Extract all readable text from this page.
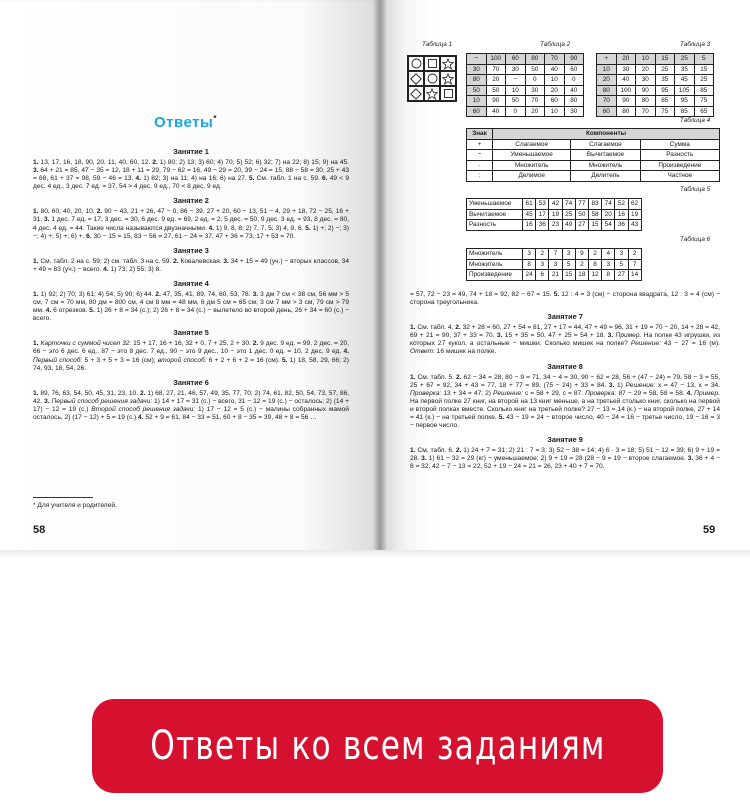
Ответы*
Занятие 1
1. 13, 17, 16, 18, 90, 20, 11, 40, 60, 12. 2. 1) 80; 2) 13; 3) 60; 4) 70; 5) 52; 6) 32; 7) на 22; 8) 15; 9) на 45. 3. 64 + 21 = 85, 47 − 35 = 12, 18 + 11 = 29, 79 − 62 = 16, 49 − 29 = 20, 39 − 24 = 15, 88 − 58 = 30, 25 + 43 = 68, 61 + 37 = 98, 59 − 46 = 13. 4. 1) 82; 3) на 11; 4) на 16; 6) на 27. 5. См. табл. 1 на с. 59. 6. 49 < 9 дес. 4 ед., 3 дес. 7 ед. = 37, 54 > 4 дес. 9 ед., 70 < 8 дес. 9 ед.
Занятие 2
1. 80, 60, 40, 20, 10. 2. 90 − 43, 21 + 26, 47 − 0, 86 − 39, 27 + 20, 60 − 13, 51 − 4, 29 + 18, 72 − 25, 16 + 31. 3. 1 дес. 7 ед. = 17, 3 дес. = 30, 6 дес. 9 ед. = 69, 2 ед. = 2, 5 дес. = 50, 9 дес. 3 ед. = 93, 8 дес. = 80, 4 дес. 4 ед. = 44. Такие числа называются двузначными. 4. 1) 9, 8, 8; 2) 7, 7, 5; 3) 4, 9, 6. 5. 1) +; 2) −; 3) −; 4) +; 5) +; 6) +. 6. 30 − 15 = 15, 83 − 56 = 27, 61 − 24 = 37, 47 + 36 = 73, 17 + 53 = 70.
Занятие 3
1. См. табл. 2 на с. 59; 2) см. табл. 3 на с. 59. 2. Ковалевская. 3. 34 + 15 = 49 (уч.) − вторых классов, 34 + 49 = 83 (уч.) − всего. 4. 1) 73; 2) 55; 3) 8.
Занятие 4
1. 1) 92; 2) 70; 3) 61; 4) 54; 5) 90; 6) 44. 2. 47, 35, 41, 89, 74, 60, 53, 78. 3. 3 дм 7 см < 38 см, 56 мм > 5 см, 7 см = 70 мм, 80 дм = 800 см, 4 см 8 мм = 48 мм, 6 дм 5 см = 65 см, 3 см 7 мм > 3 см, 79 см > 79 мм. 4. 6 отрезков. 5. 1) 26 + 8 = 34 (с.); 2) 26 + 8 = 34 (с.) − вылетело во второй день, 26 + 34 = 60 (с.) − всего.
Занятие 5
1. Карточки с суммой чисел 32: 15 + 17, 16 + 16, 32 + 0, 7 + 25, 2 + 30. 2. 9 дес. 9 ед. = 99, 2 дес. = 20, 66 − это 6 дес. 6 ед., 87 − это 8 дес. 7 ед., 90 − это 9 дес., 10 − это 1 дес. 0 ед. = 10, 2 дес. 9 ед. 4. Первый способ: 5 + 3 + 5 + 3 = 16 (см); второй способ: 6 + 2 + 6 + 2 = 16 (см). 5. 1) 18, 58, 29, 66; 2) 74, 93, 18, 54, 26.
Занятие 6
1. 89, 76, 63, 54, 50, 45, 31, 23, 10. 2. 1) 68, 27, 21, 46, 57, 49, 35, 77, 70; 2) 74, 61, 82, 50, 54, 73, 57, 86, 42. 3. Первый способ решения задачи: 1) 14 + 17 = 31 (с.) − всего, 31 − 12 = 19 (с.) − осталось; 2) (14 + 17) − 12 = 19 (с.) Второй способ решения задачи: 1) 17 − 12 = 5 (с.) − малины собранных мамой осталось, 2) (17 − 12) + 5 = 19 (с.) 4. 52 + 9 = 61, 84 − 33 = 51, 60 + 8 − 35 = 39, 48 + 8 = 56 …
* Для учителя и родителей.
58
Таблица 1	Таблица 2
−	100	60	80	70	90
30	70	30	50	40	60
80	20	−	0	10	0
50	50	10	30	20	40
10	90	50	70	60	80
60	40	0	20	10	30
Таблица 3
+	20	10	15	25	5
10	30	20	25	35	15
20	40	30	35	45	25
80	100	90	95	105	85
70	90	80	85	95	75
60	80	70	75	85	65
Таблица 4
Знак	Компоненты		
+	Слагаемое	Слагаемое	Сумма
−	Уменьшаемое	Вычитаемое	Разность
·	Множитель	Множитель	Произведение
:	Делимое	Делитель	Частное
Таблица 5
Уменьшаемое	61	53	42	74	77	83	74	52	62
Вычитаемое	45	17	19	25	50	58	20	16	19
Разность	16	36	23	49	27	15	54	36	43
Таблица 6
Множитель	3	2	7	3	9	2	4	3	2
Множитель	8	3	3	5	2	8	3	5	7
Произведение	24	6	21	15	18	12	8	27	14
= 57, 72 − 23 = 49, 74 + 18 = 92, 82 − 67 = 15. 5. 12 : 4 = 3 (см) − сторона квадрата, 12 : 3 = 4 (см) − сторона треугольника.
Занятие 7
1. См. табл. 4. 2. 32 + 28 = 60, 27 + 54 = 81, 27 + 17 = 44, 47 + 49 = 96, 31 + 19 = 70 − 20, 14 + 28 = 42, 69 + 21 = 90, 37 + 33 = 70. 3. 15 + 35 = 50, 47 + 25 = 54 + 18. 3. Пример. На полке 43 игрушки, из которых 27 кукол, а остальные − мишки. Сколько мишек на полке? Решение: 43 − 27 = 16 (м). Ответ: 16 мишек на полке.
Занятие 8
1. См. табл. 5. 2. 62 − 34 = 28, 80 − 9 = 71, 34 − 4 = 30, 90 − 62 = 28, 56 + (47 − 24) = 79, 58 − 3 = 55, 25 + 67 = 92, 34 + 43 = 77, 18 + 77 = 89, (75 − 24) + 33 = 84. 3. 1) Решение: х = 47 − 13, х = 34. Проверка: 13 + 34 = 47; 2) Решение: с = 58 + 29, с = 87. Проверка: 87 − 29 = 58, 58 = 58. 4. Пример. На первой полке 27 книг, на второй на 13 книг меньше, а на третьей столько книг, сколько на первой и второй полках вместе. Сколько книг на третьей полке? 27 − 13 = 14 (к.) − на второй полке, 27 + 14 = 41 (к.) − на третьей полке. 5. 43 − 19 = 24 − второе число, 40 − 24 = 16 − третье число, 19 − 16 = 3 − первое число.
Занятие 9
1. См. табл. 6. 2. 1) 24 + 7 = 31; 2) 21 : 7 = 3; 3) 52 − 38 = 14; 4) 6 · 3 = 18; 5) 51 − 12 = 39; 6) 9 + 19 = 28. 3. 1) 61 − 32 = 29 (кг) − уменьшаемое; 2) 9 + 19 = 28 (28 − 9 = 19 − второе слагаемое. 3. 36 + 4 − 8 = 32, 42 − 7 − 13 = 22, 52 + 19 − 24 = 21 = 26, 23 + 40 + 7 = 70.
59
Ответы ко всем заданиям
